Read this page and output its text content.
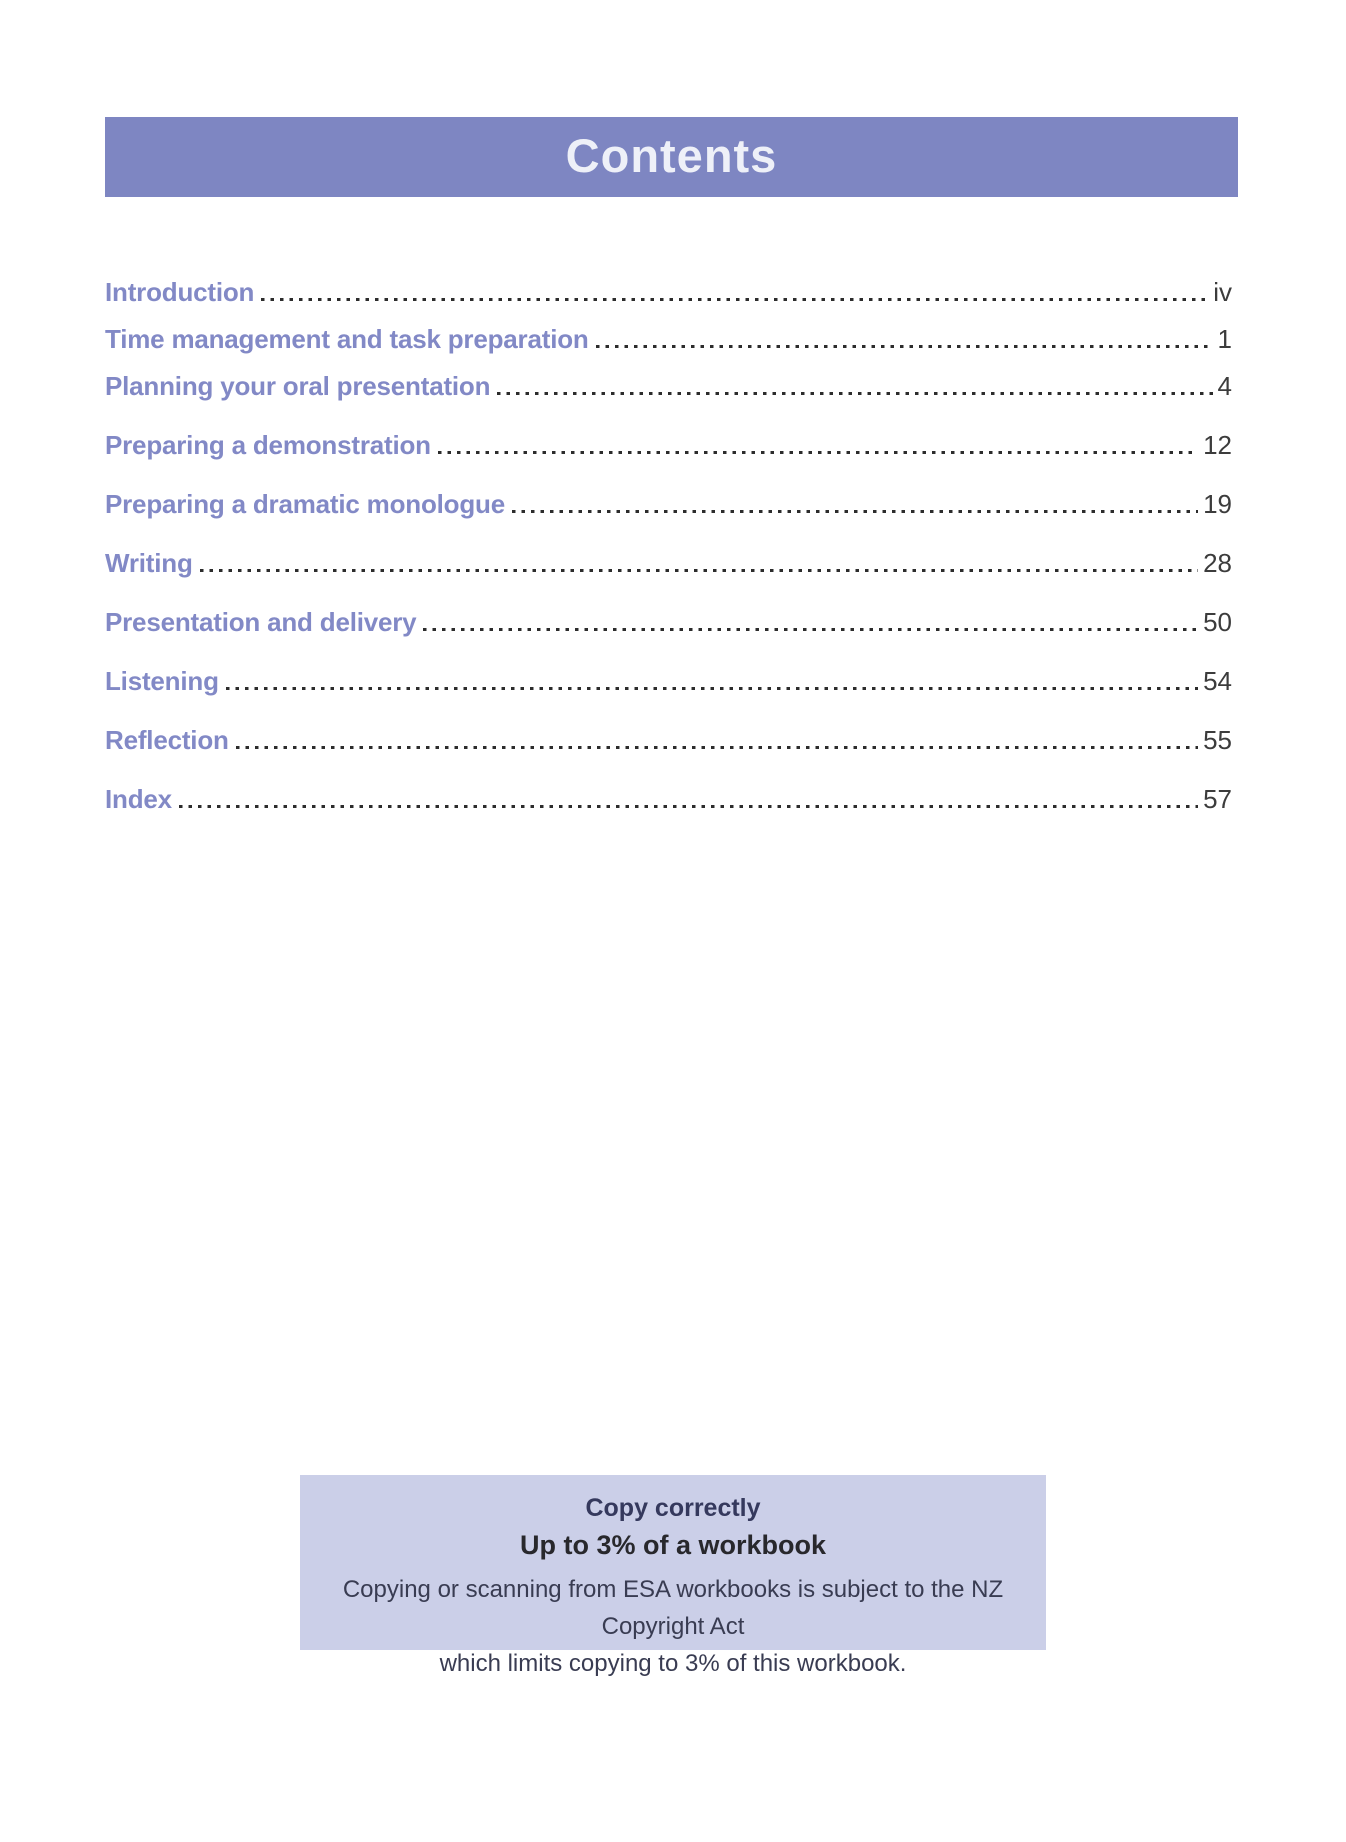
Contents
Introduction	iv
Time management and task preparation	1
Planning your oral presentation	4
Preparing a demonstration	12
Preparing a dramatic monologue	19
Writing	28
Presentation and delivery	50
Listening	54
Reflection	55
Index	57
Copy correctly
Up to 3% of a workbook
Copying or scanning from ESA workbooks is subject to the NZ Copyright Act
which limits copying to 3% of this workbook.
